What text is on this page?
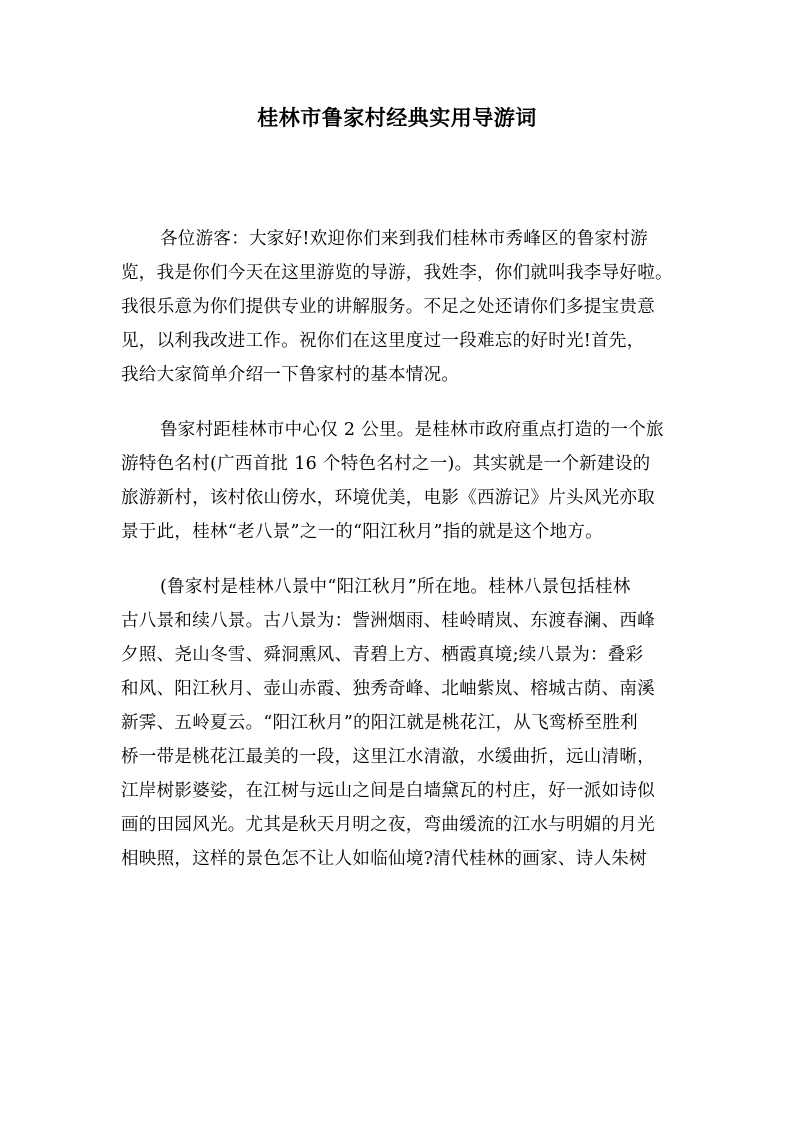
桂林市鲁家村经典实用导游词
各位游客：大家好!欢迎你们来到我们桂林市秀峰区的鲁家村游
览，我是你们今天在这里游览的导游，我姓李，你们就叫我李导好啦。
我很乐意为你们提供专业的讲解服务。不足之处还请你们多提宝贵意
见，以利我改进工作。祝你们在这里度过一段难忘的好时光!首先，
我给大家简单介绍一下鲁家村的基本情况。
鲁家村距桂林市中心仅 2 公里。是桂林市政府重点打造的一个旅
游特色名村(广西首批 16 个特色名村之一)。其实就是一个新建设的
旅游新村，该村依山傍水，环境优美，电影《西游记》片头风光亦取
景于此，桂林“老八景”之一的“阳江秋月”指的就是这个地方。
(鲁家村是桂林八景中“阳江秋月”所在地。桂林八景包括桂林
古八景和续八景。古八景为：訾洲烟雨、桂岭晴岚、东渡春澜、西峰
夕照、尧山冬雪、舜洞熏风、青碧上方、栖霞真境;续八景为：叠彩
和风、阳江秋月、壶山赤霞、独秀奇峰、北岫紫岚、榕城古荫、南溪
新霁、五岭夏云。“阳江秋月”的阳江就是桃花江，从飞鸾桥至胜利
桥一带是桃花江最美的一段，这里江水清澈，水缓曲折，远山清晰，
江岸树影婆娑，在江树与远山之间是白墙黛瓦的村庄，好一派如诗似
画的田园风光。尤其是秋天月明之夜，弯曲缓流的江水与明媚的月光
相映照，这样的景色怎不让人如临仙境?清代桂林的画家、诗人朱树
